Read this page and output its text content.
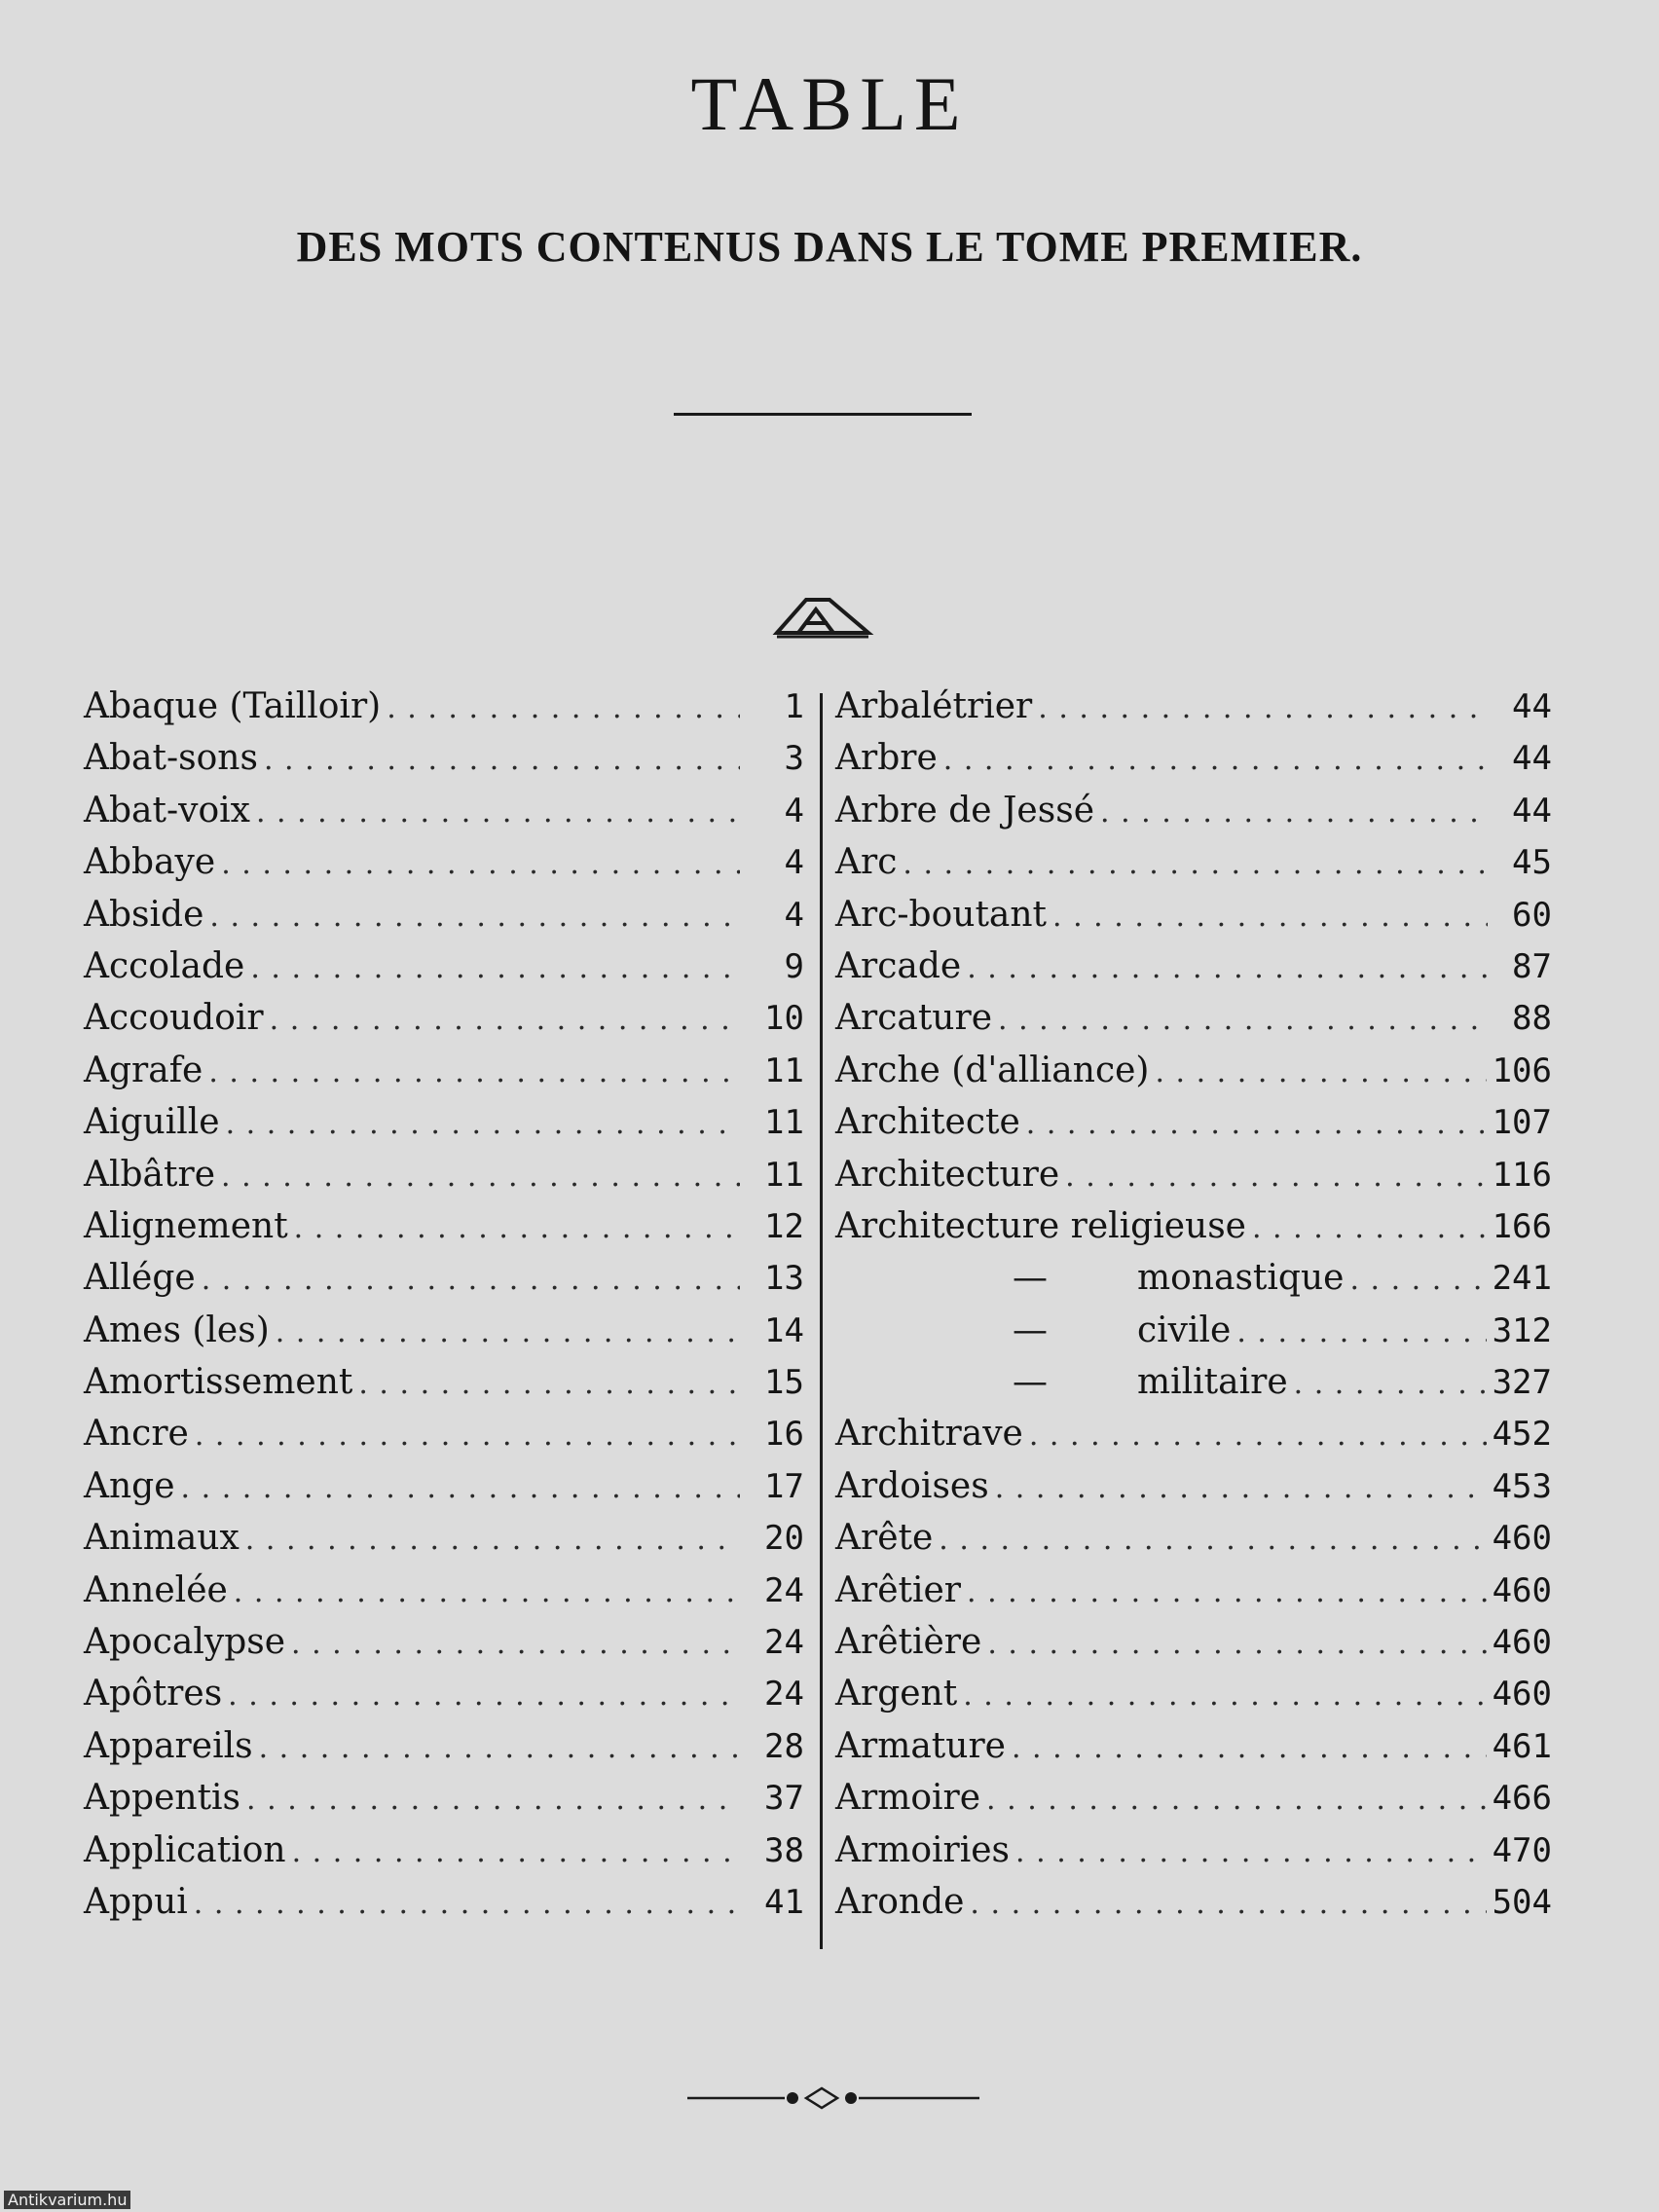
TABLE
DES MOTS CONTENUS DANS LE TOME PREMIER.
Abaque (Tailloir) . . .	1
Abat-sons . . .	3
Abat-voix . . .	4
Abbaye . . .	4
Abside . . .	4
Accolade . . .	9
Accoudoir . . .	10
Agrafe . . .	11
Aiguille . . .	11
Albâtre . . .	11
Alignement . . .	12
Allége . . .	13
Ames (les) . . .	14
Amortissement . . .	15
Ancre . . .	16
Ange . . .	17
Animaux . . .	20
Annelée . . .	24
Apocalypse . . .	24
Apôtres . . .	24
Appareils . . .	28
Appentis . . .	37
Application . . .	38
Appui . . .	41
Arbalétrier . . .	44
Arbre . . .	44
Arbre de Jessé . . .	44
Arc . . .	45
Arc-boutant . . .	60
Arcade . . .	87
Arcature . . .	88
Arche (d'alliance) . . .	106
Architecte . . .	107
Architecture . . .	116
Architecture religieuse . . .	166
—	monastique . . .	241
—	civile . . .	312
—	militaire . . .	327
Architrave . . .	452
Ardoises . . .	453
Arête . . .	460
Arêtier . . .	460
Arêtière . . .	460
Argent . . .	460
Armature . . .	461
Armoire . . .	466
Armoiries . . .	470
Aronde . . .	504
Antikvarium.hu
